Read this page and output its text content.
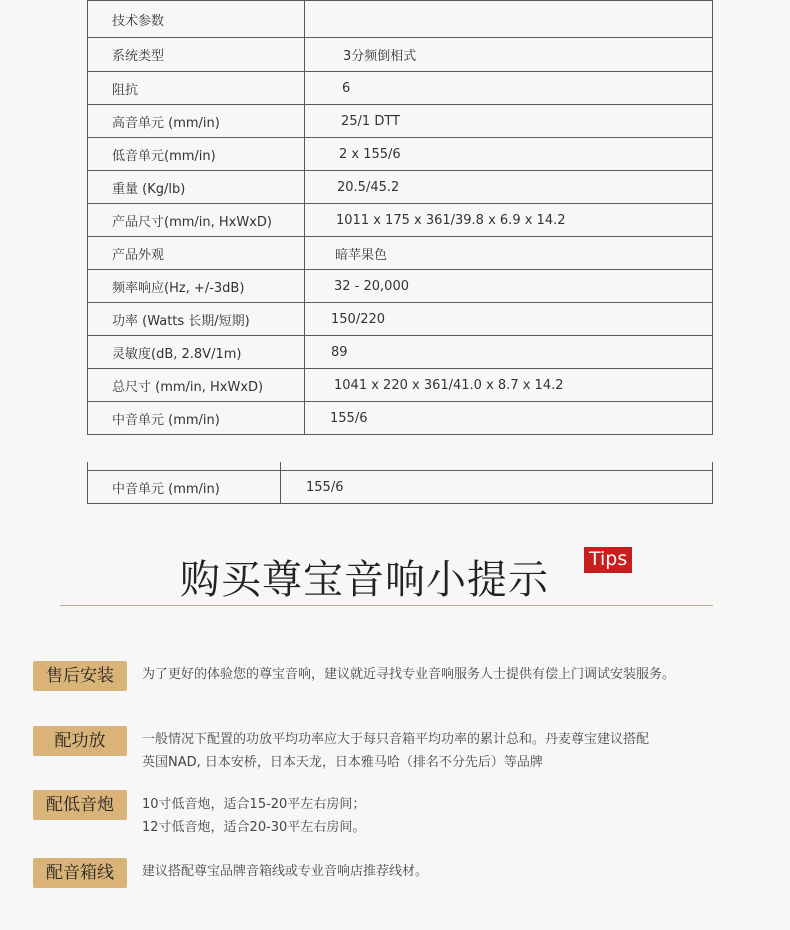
技术参数	
系统类型	3分频倒相式
阻抗	6
高音单元 (mm/in)	25/1 DTT
低音单元(mm/in)	2 x 155/6
重量 (Kg/lb)	20.5/45.2
产品尺寸(mm/in, HxWxD)	1011 x 175 x 361/39.8 x 6.9 x 14.2
产品外观	暗苹果色
频率响应(Hz, +/-3dB)	32 - 20,000
功率 (Watts 长期/短期)	150/220
灵敏度(dB, 2.8V/1m)	89
总尺寸 (mm/in, HxWxD)	1041 x 220 x 361/41.0 x 8.7 x 14.2
中音单元 (mm/in)	155/6

中音单元 (mm/in)	155/6
购买尊宝音响小提示 Tips
售后安装	为了更好的体验您的尊宝音响，建议就近寻找专业音响服务人士提供有偿上门调试安装服务。
配功放	一般情况下配置的功放平均功率应大于每只音箱平均功率的累计总和。丹麦尊宝建议搭配
英国NAD, 日本安桥，日本天龙，日本雅马哈（排名不分先后）等品牌
配低音炮	10寸低音炮，适合15-20平左右房间；
12寸低音炮，适合20-30平左右房间。
配音箱线	建议搭配尊宝品牌音箱线或专业音响店推荐线材。
